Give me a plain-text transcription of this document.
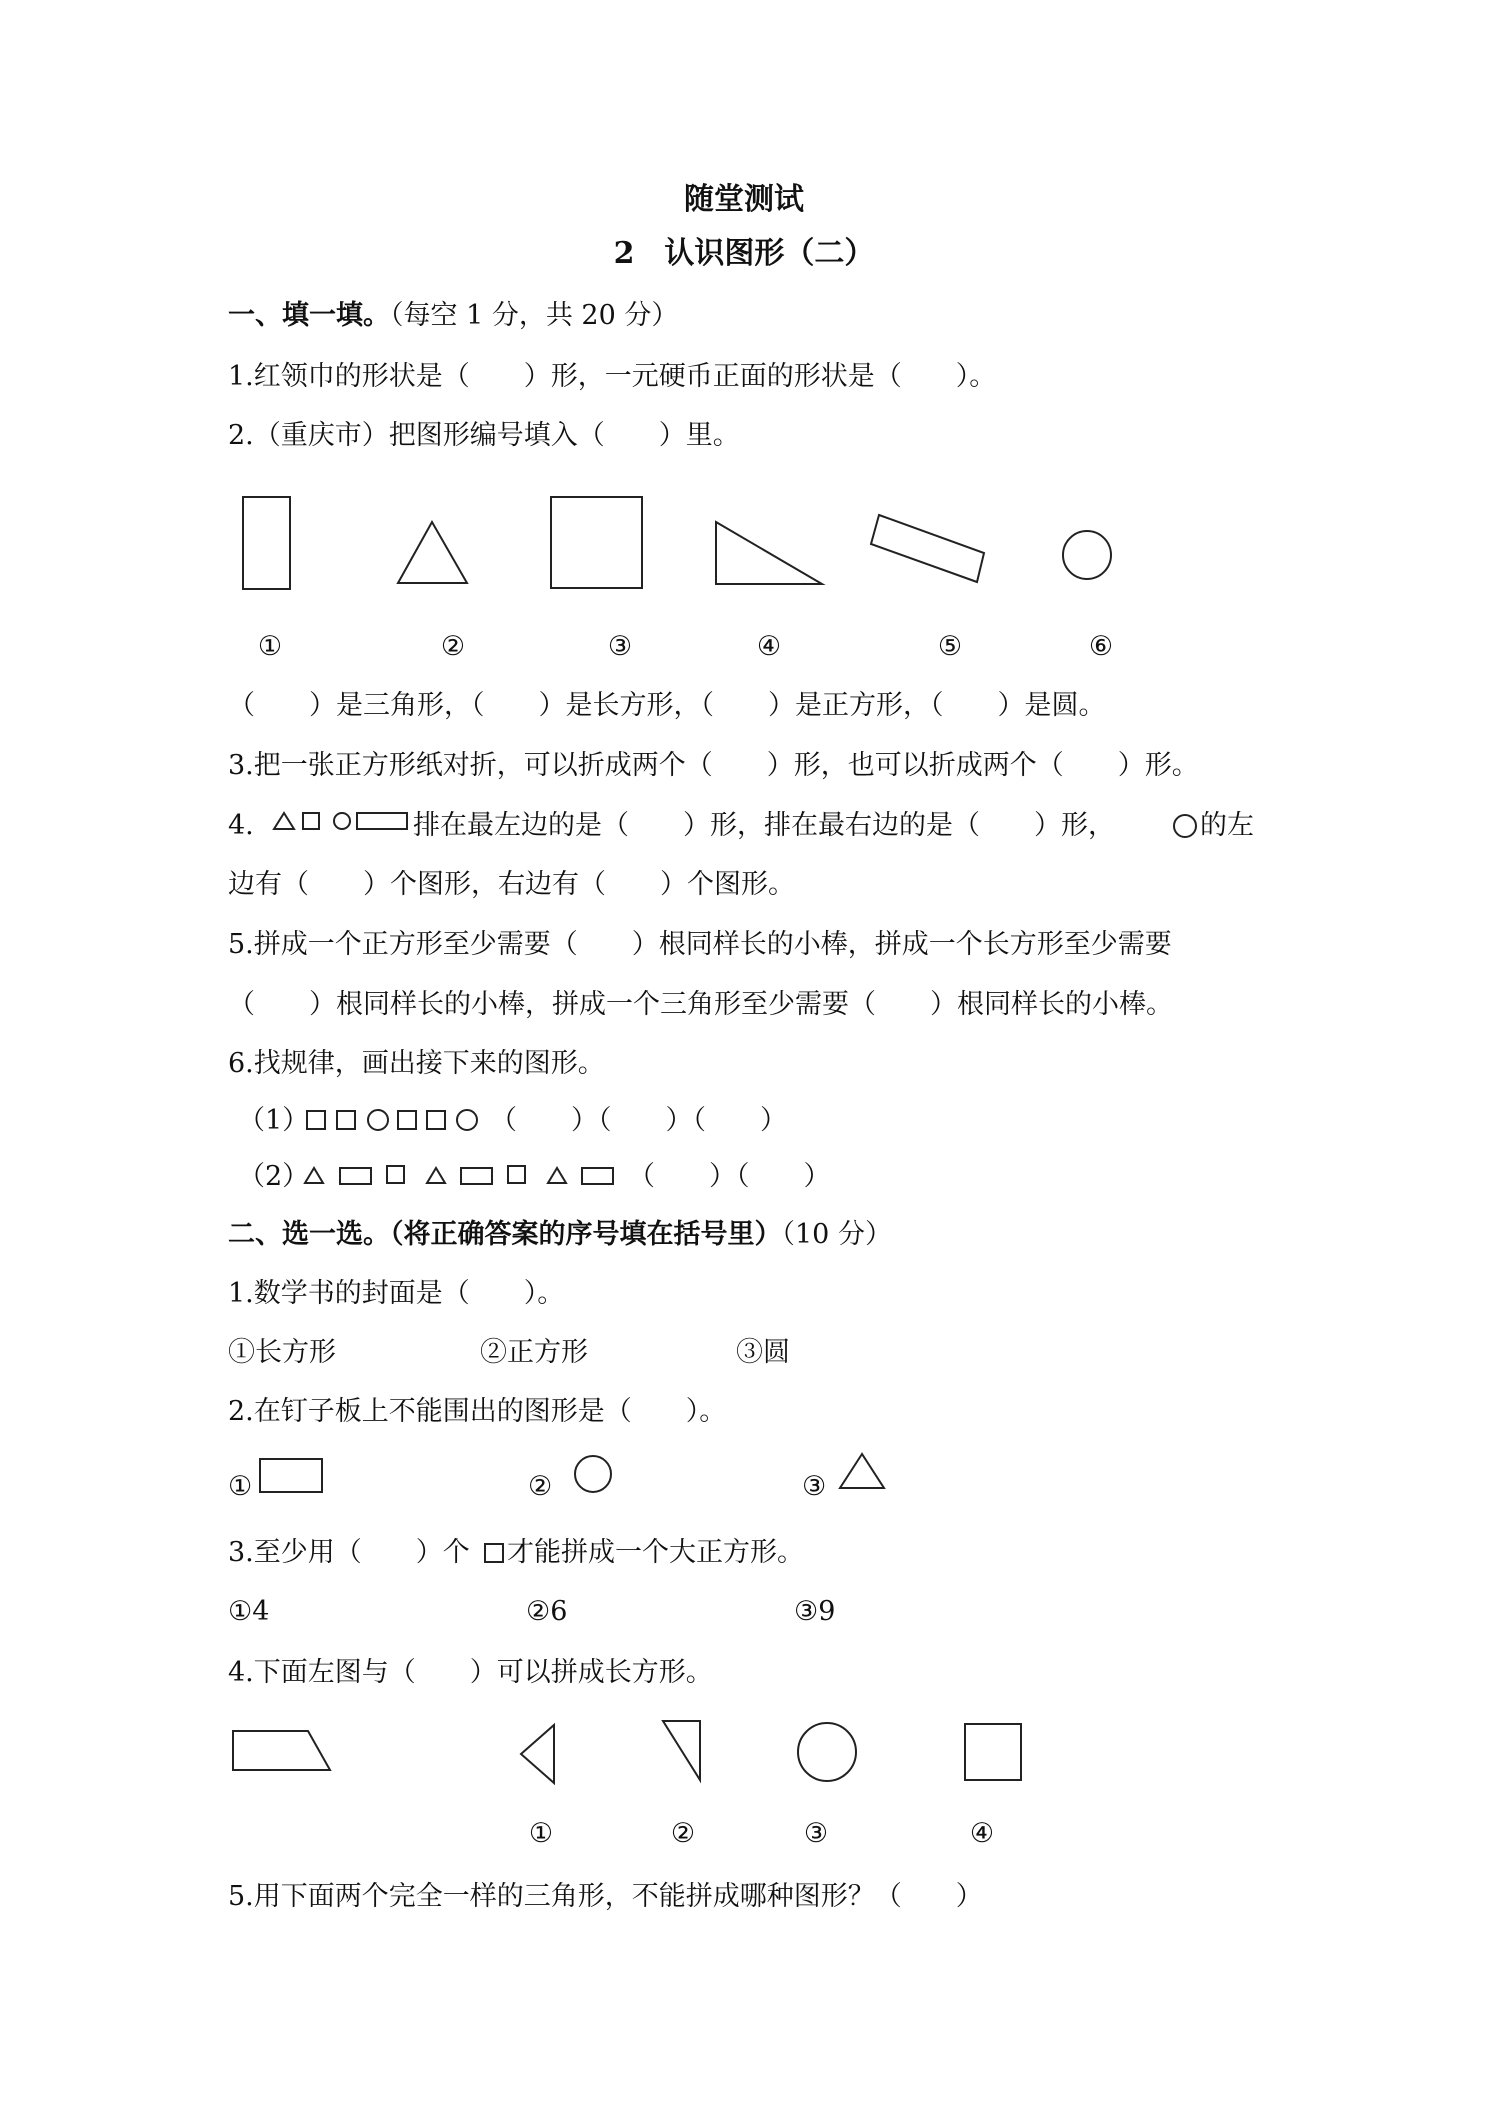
随堂测试
2　认识图形（二）
一、填一填。（每空 1 分，共 20 分）
1.红领巾的形状是（　　）形，一元硬币正面的形状是（　　）。
2.（重庆市）把图形编号填入（　　）里。
①	②	③	④	⑤	⑥
（　　）是三角形，（　　）是长方形，（　　）是正方形，（　　）是圆。
3.把一张正方形纸对折，可以折成两个（　　）形，也可以折成两个（　　）形。
4.	排在最左边的是（　　）形，排在最右边的是（　　）形，	的左
边有（　　）个图形，右边有（　　）个图形。
5.拼成一个正方形至少需要（　　）根同样长的小棒，拼成一个长方形至少需要
（　　）根同样长的小棒，拼成一个三角形至少需要（　　）根同样长的小棒。
6.找规律，画出接下来的图形。
（1）	（　　）（　　）（　　）
（2）	（　　）（　　）
二、选一选。（将正确答案的序号填在括号里）（10 分）
1.数学书的封面是（　　）。
①长方形	②正方形	③圆
2.在钉子板上不能围出的图形是（　　）。
①	②	③
3.至少用（　　）个 才能拼成一个大正方形。
①4	②6	③9
4.下面左图与（　　）可以拼成长方形。
①	②	③	④
5.用下面两个完全一样的三角形，不能拼成哪种图形？（　　）
